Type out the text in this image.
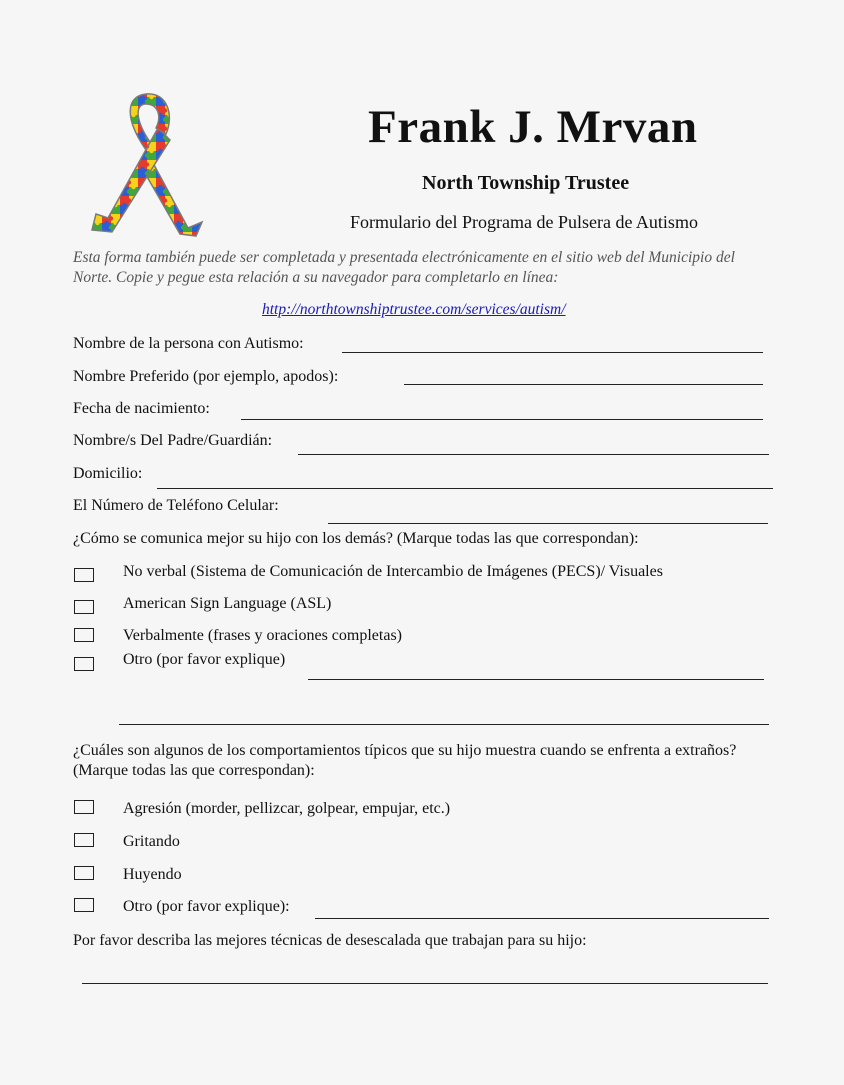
Frank J. Mrvan
North Township Trustee
Formulario del Programa de Pulsera de Autismo
Esta forma también puede ser completada y presentada electrónicamente en el sitio web del Municipio del Norte. Copie y pegue esta relación a su navegador para completarlo en línea:
http://northtownshiptrustee.com/services/autism/
Nombre de la persona con Autismo:
Nombre Preferido (por ejemplo, apodos):
Fecha de nacimiento:
Nombre/s Del Padre/Guardián:
Domicilio:
El Número de Teléfono Celular:
¿Cómo se comunica mejor su hijo con los demás? (Marque todas las que correspondan):
No verbal (Sistema de Comunicación de Intercambio de Imágenes (PECS)/ Visuales
American Sign Language (ASL)
Verbalmente (frases y oraciones completas)
Otro (por favor explique)
¿Cuáles son algunos de los comportamientos típicos que su hijo muestra cuando se enfrenta a extraños? (Marque todas las que correspondan):
Agresión (morder, pellizcar, golpear, empujar, etc.)
Gritando
Huyendo
Otro (por favor explique):
Por favor describa las mejores técnicas de desescalada que trabajan para su hijo:
